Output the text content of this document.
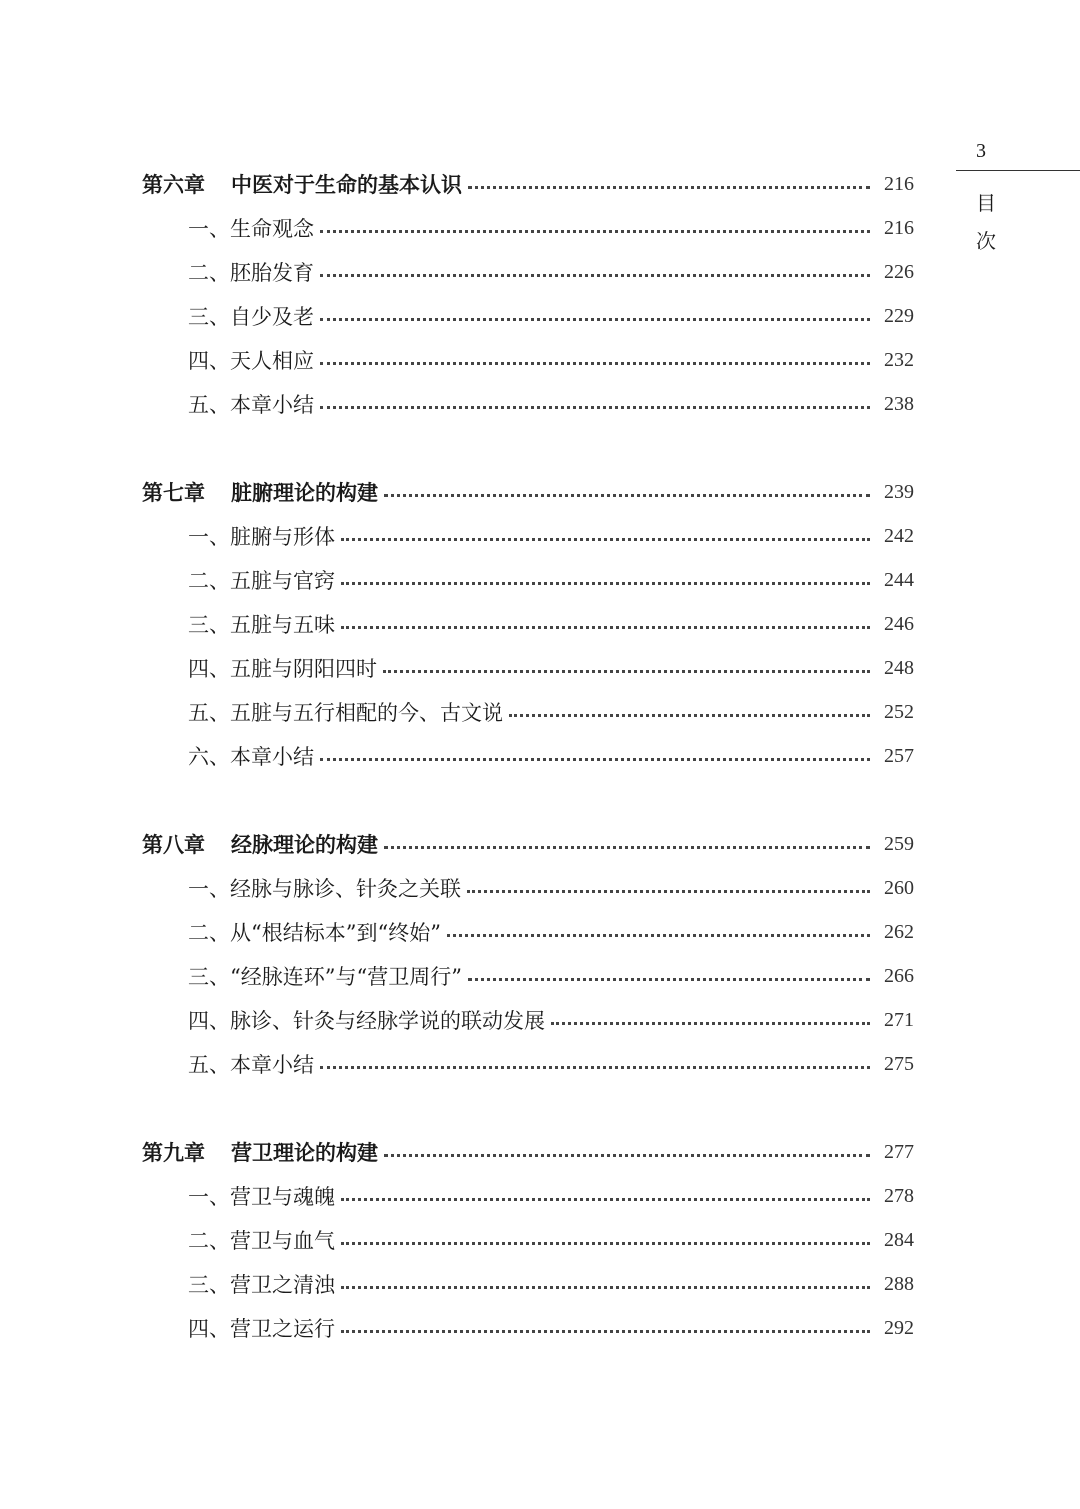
3
目
次
第六章 中医对于生命的基本认识	216
一、生命观念	216
二、胚胎发育	226
三、自少及老	229
四、天人相应	232
五、本章小结	238
第七章 脏腑理论的构建	239
一、脏腑与形体	242
二、五脏与官窍	244
三、五脏与五味	246
四、五脏与阴阳四时	248
五、五脏与五行相配的今、古文说	252
六、本章小结	257
第八章 经脉理论的构建	259
一、经脉与脉诊、针灸之关联	260
二、从“根结标本”到“终始”	262
三、“经脉连环”与“营卫周行”	266
四、脉诊、针灸与经脉学说的联动发展	271
五、本章小结	275
第九章 营卫理论的构建	277
一、营卫与魂魄	278
二、营卫与血气	284
三、营卫之清浊	288
四、营卫之运行	292
